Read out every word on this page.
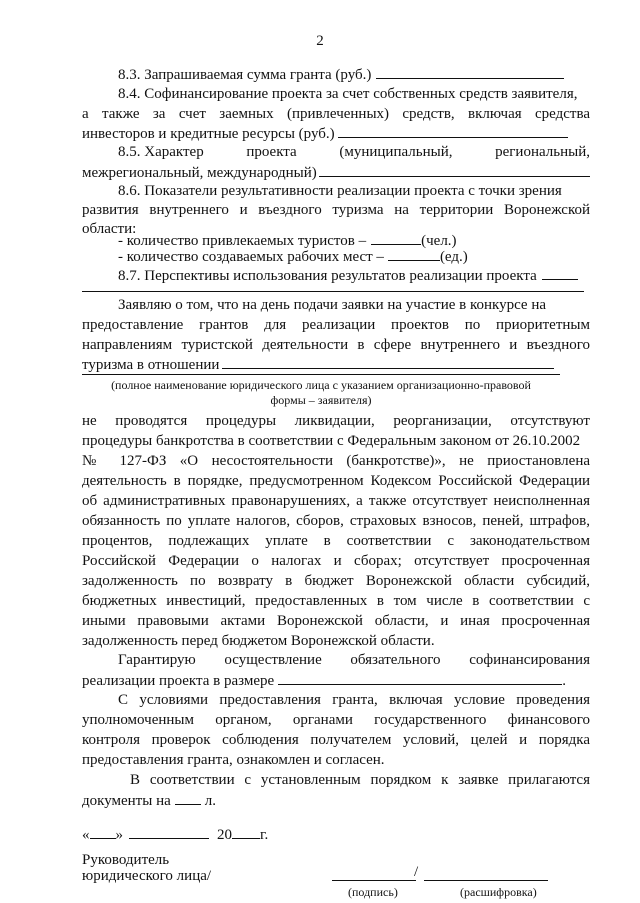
2
8.3. Запрашиваемая сумма гранта (руб.)
8.4. Софинансирование проекта за счет собственных средств заявителя,
а также за счет заемных (привлеченных) средств, включая средства
инвесторов и кредитные ресурсы (руб.)
8.5. Характер	проекта	(муниципальный,	региональный,
межрегиональный, международный)
8.6. Показатели результативности реализации проекта с точки зрения
развития внутреннего и въездного туризма на территории Воронежской
области:
- количество привлекаемых туристов –	(чел.)
- количество создаваемых рабочих мест –	(ед.)
8.7. Перспективы использования результатов реализации проекта
Заявляю о том, что на день подачи заявки на участие в конкурсе на
предоставление грантов для реализации проектов по приоритетным
направлениям туристской деятельности в сфере внутреннего и въездного
туризма в отношении
(полное наименование юридического лица с указанием организационно-правовой
формы – заявителя)
не проводятся процедуры ликвидации, реорганизации, отсутствуют
процедуры банкротства в соответствии с Федеральным законом от 26.10.2002
№ 127-ФЗ «О несостоятельности (банкротстве)», не приостановлена
деятельность в порядке, предусмотренном Кодексом Российской Федерации
об административных правонарушениях, а также отсутствует неисполненная
обязанность по уплате налогов, сборов, страховых взносов, пеней, штрафов,
процентов, подлежащих уплате в соответствии с законодательством
Российской Федерации о налогах и сборах; отсутствует просроченная
задолженность по возврату в бюджет Воронежской области субсидий,
бюджетных инвестиций, предоставленных в том числе в соответствии с
иными правовыми актами Воронежской области, и иная просроченная
задолженность перед бюджетом Воронежской области.
Гарантирую осуществление обязательного софинансирования
реализации проекта в размере	.
С условиями предоставления гранта, включая условие проведения
уполномоченным органом, органами государственного финансового
контроля проверок соблюдения получателем условий, целей и порядка
предоставления гранта, ознакомлен и согласен.
В соответствии с установленным порядком к заявке прилагаются
документы на л.
« »	20 г.
Руководитель
юридического лица/	/
(подпись)	(расшифровка)
